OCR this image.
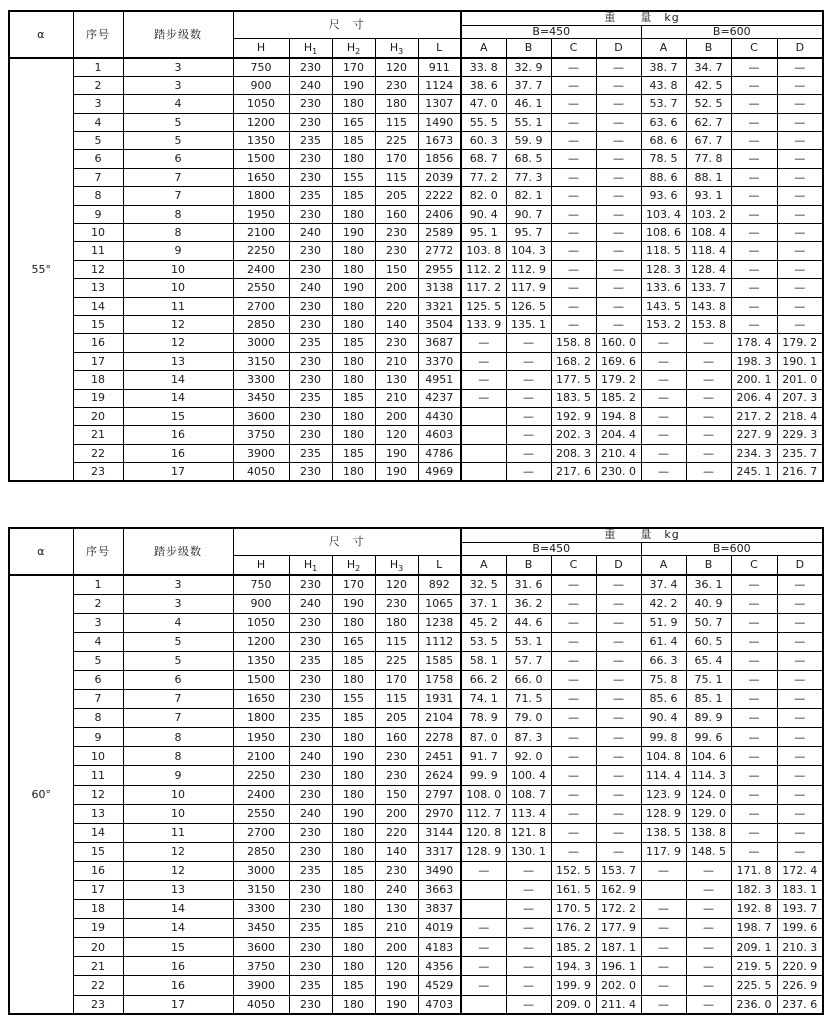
α	序号	踏步级数	尺　寸					重　　量　kg							
								B=450				B=600			
			H	$H_1$	$H_2$	$H_3$	L	A	B	C	D	A	B	C	D
55°	1	3	750	230	170	120	911	33. 8	32. 9	—	—	38. 7	34. 7	—	—
	2	3	900	240	190	230	1124	38. 6	37. 7	—	—	43. 8	42. 5	—	—
	3	4	1050	230	180	180	1307	47. 0	46. 1	—	—	53. 7	52. 5	—	—
	4	5	1200	230	165	115	1490	55. 5	55. 1	—	—	63. 6	62. 7	—	—
	5	5	1350	235	185	225	1673	60. 3	59. 9	—	—	68. 6	67. 7	—	—
	6	6	1500	230	180	170	1856	68. 7	68. 5	—	—	78. 5	77. 8	—	—
	7	7	1650	230	155	115	2039	77. 2	77. 3	—	—	88. 6	88. 1	—	—
	8	7	1800	235	185	205	2222	82. 0	82. 1	—	—	93. 6	93. 1	—	—
	9	8	1950	230	180	160	2406	90. 4	90. 7	—	—	103. 4	103. 2	—	—
	10	8	2100	240	190	230	2589	95. 1	95. 7	—	—	108. 6	108. 4	—	—
	11	9	2250	230	180	230	2772	103. 8	104. 3	—	—	118. 5	118. 4	—	—
	12	10	2400	230	180	150	2955	112. 2	112. 9	—	—	128. 3	128. 4	—	—
	13	10	2550	240	190	200	3138	117. 2	117. 9	—	—	133. 6	133. 7	—	—
	14	11	2700	230	180	220	3321	125. 5	126. 5	—	—	143. 5	143. 8	—	—
	15	12	2850	230	180	140	3504	133. 9	135. 1	—	—	153. 2	153. 8	—	—
	16	12	3000	235	185	230	3687	—	—	158. 8	160. 0	—	—	178. 4	179. 2
	17	13	3150	230	180	210	3370	—	—	168. 2	169. 6	—	—	198. 3	190. 1
	18	14	3300	230	180	130	4951	—	—	177. 5	179. 2	—	—	200. 1	201. 0
	19	14	3450	235	185	210	4237	—	—	183. 5	185. 2	—	—	206. 4	207. 3
	20	15	3600	230	180	200	4430		—	192. 9	194. 8	—	—	217. 2	218. 4
	21	16	3750	230	180	120	4603		—	202. 3	204. 4	—	—	227. 9	229. 3
	22	16	3900	235	185	190	4786		—	208. 3	210. 4	—	—	234. 3	235. 7
	23	17	4050	230	180	190	4969		—	217. 6	230. 0	—	—	245. 1	216. 7
α	序号	踏步级数	尺　寸					重　　量　kg							
								B=450				B=600			
			H	$H_1$	$H_2$	$H_3$	L	A	B	C	D	A	B	C	D
60°	1	3	750	230	170	120	892	32. 5	31. 6	—	—	37. 4	36. 1	—	—
	2	3	900	240	190	230	1065	37. 1	36. 2	—	—	42. 2	40. 9	—	—
	3	4	1050	230	180	180	1238	45. 2	44. 6	—	—	51. 9	50. 7	—	—
	4	5	1200	230	165	115	1112	53. 5	53. 1	—	—	61. 4	60. 5	—	—
	5	5	1350	235	185	225	1585	58. 1	57. 7	—	—	66. 3	65. 4	—	—
	6	6	1500	230	180	170	1758	66. 2	66. 0	—	—	75. 8	75. 1	—	—
	7	7	1650	230	155	115	1931	74. 1	71. 5	—	—	85. 6	85. 1	—	—
	8	7	1800	235	185	205	2104	78. 9	79. 0	—	—	90. 4	89. 9	—	—
	9	8	1950	230	180	160	2278	87. 0	87. 3	—	—	99. 8	99. 6	—	—
	10	8	2100	240	190	230	2451	91. 7	92. 0	—	—	104. 8	104. 6	—	—
	11	9	2250	230	180	230	2624	99. 9	100. 4	—	—	114. 4	114. 3	—	—
	12	10	2400	230	180	150	2797	108. 0	108. 7	—	—	123. 9	124. 0	—	—
	13	10	2550	240	190	200	2970	112. 7	113. 4	—	—	128. 9	129. 0	—	—
	14	11	2700	230	180	220	3144	120. 8	121. 8	—	—	138. 5	138. 8	—	—
	15	12	2850	230	180	140	3317	128. 9	130. 1	—	—	117. 9	148. 5	—	—
	16	12	3000	235	185	230	3490	—	—	152. 5	153. 7	—	—	171. 8	172. 4
	17	13	3150	230	180	240	3663		—	161. 5	162. 9		—	182. 3	183. 1
	18	14	3300	230	180	130	3837		—	170. 5	172. 2	—	—	192. 8	193. 7
	19	14	3450	235	185	210	4019	—	—	176. 2	177. 9	—	—	198. 7	199. 6
	20	15	3600	230	180	200	4183	—	—	185. 2	187. 1	—	—	209. 1	210. 3
	21	16	3750	230	180	120	4356	—	—	194. 3	196. 1	—	—	219. 5	220. 9
	22	16	3900	235	185	190	4529	—	—	199. 9	202. 0	—	—	225. 5	226. 9
	23	17	4050	230	180	190	4703		—	209. 0	211. 4	—	—	236. 0	237. 6
